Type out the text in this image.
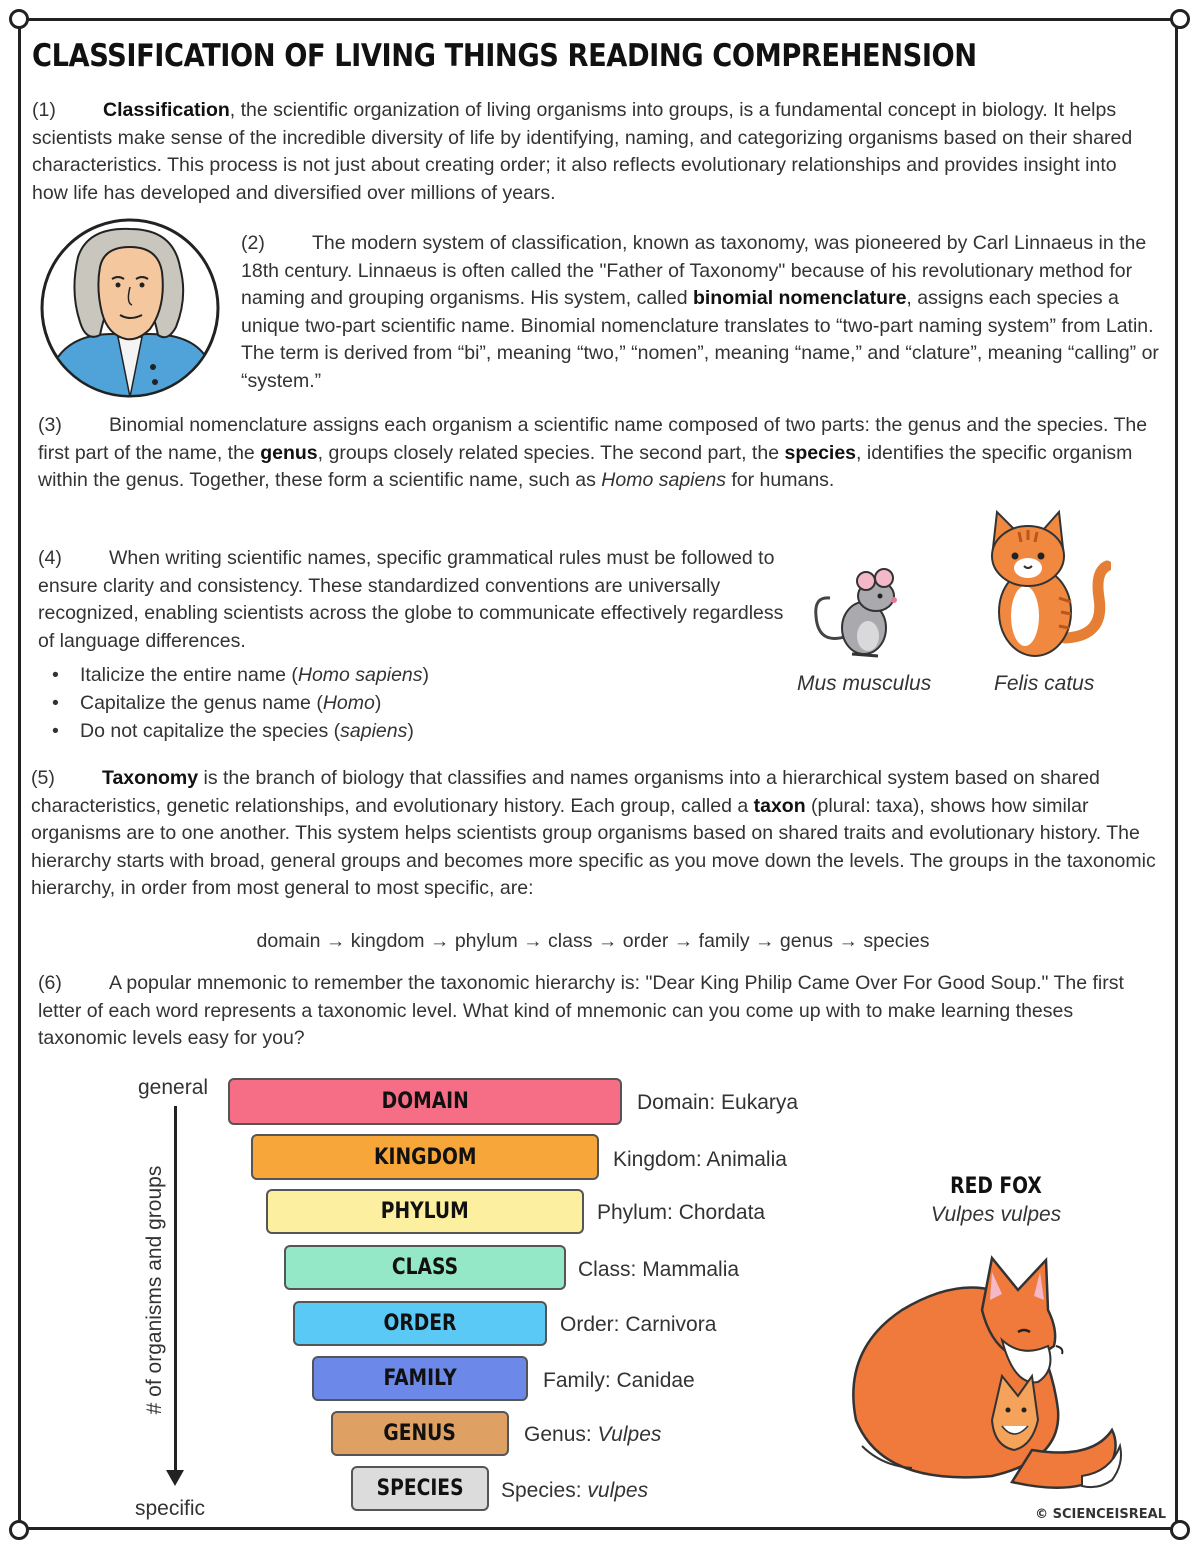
CLASSIFICATION OF LIVING THINGS READING COMPREHENSION

(1) Classification, the scientific organization of living organisms into groups, is a fundamental concept in biology. It helps scientists make sense of the incredible diversity of life by identifying, naming, and categorizing organisms based on their shared characteristics. This process is not just about creating order; it also reflects evolutionary relationships and provides insight into how life has developed and diversified over millions of years.

(2) The modern system of classification, known as taxonomy, was pioneered by Carl Linnaeus in the 18th century. Linnaeus is often called the "Father of Taxonomy" because of his revolutionary method for naming and grouping organisms. His system, called binomial nomenclature, assigns each species a unique two-part scientific name. Binomial nomenclature translates to “two-part naming system” from Latin. The term is derived from “bi”, meaning “two,” “nomen”, meaning “name,” and “clature”, meaning “calling” or “system.”

(3) Binomial nomenclature assigns each organism a scientific name composed of two parts: the genus and the species. The first part of the name, the genus, groups closely related species. The second part, the species, identifies the specific organism within the genus. Together, these form a scientific name, such as Homo sapiens for humans.

(4) When writing scientific names, specific grammatical rules must be followed to ensure clarity and consistency. These standardized conventions are universally recognized, enabling scientists across the globe to communicate effectively regardless of language differences.

• Italicize the entire name (Homo sapiens)
• Capitalize the genus name (Homo)
• Do not capitalize the species (sapiens)
Mus musculus	Felis catus

(5) Taxonomy is the branch of biology that classifies and names organisms into a hierarchical system based on shared characteristics, genetic relationships, and evolutionary history. Each group, called a taxon (plural: taxa), shows how similar organisms are to one another. This system helps scientists group organisms based on shared traits and evolutionary history. The hierarchy starts with broad, general groups and becomes more specific as you move down the levels. The groups in the taxonomic hierarchy, in order from most general to most specific, are:

domain → kingdom → phylum → class → order → family → genus → species

(6) A popular mnemonic to remember the taxonomic hierarchy is: "Dear King Philip Came Over For Good Soup." The first letter of each word represents a taxonomic level. What kind of mnemonic can you come up with to make learning theses taxonomic levels easy for you?

general
# of organisms and groups
specific
DOMAIN	Domain: Eukarya
KINGDOM	Kingdom: Animalia
PHYLUM	Phylum: Chordata
CLASS	Class: Mammalia
ORDER	Order: Carnivora
FAMILY	Family: Canidae
GENUS	Genus: Vulpes
SPECIES Species: vulpes
RED FOX
Vulpes vulpes
© SCIENCEISREAL
